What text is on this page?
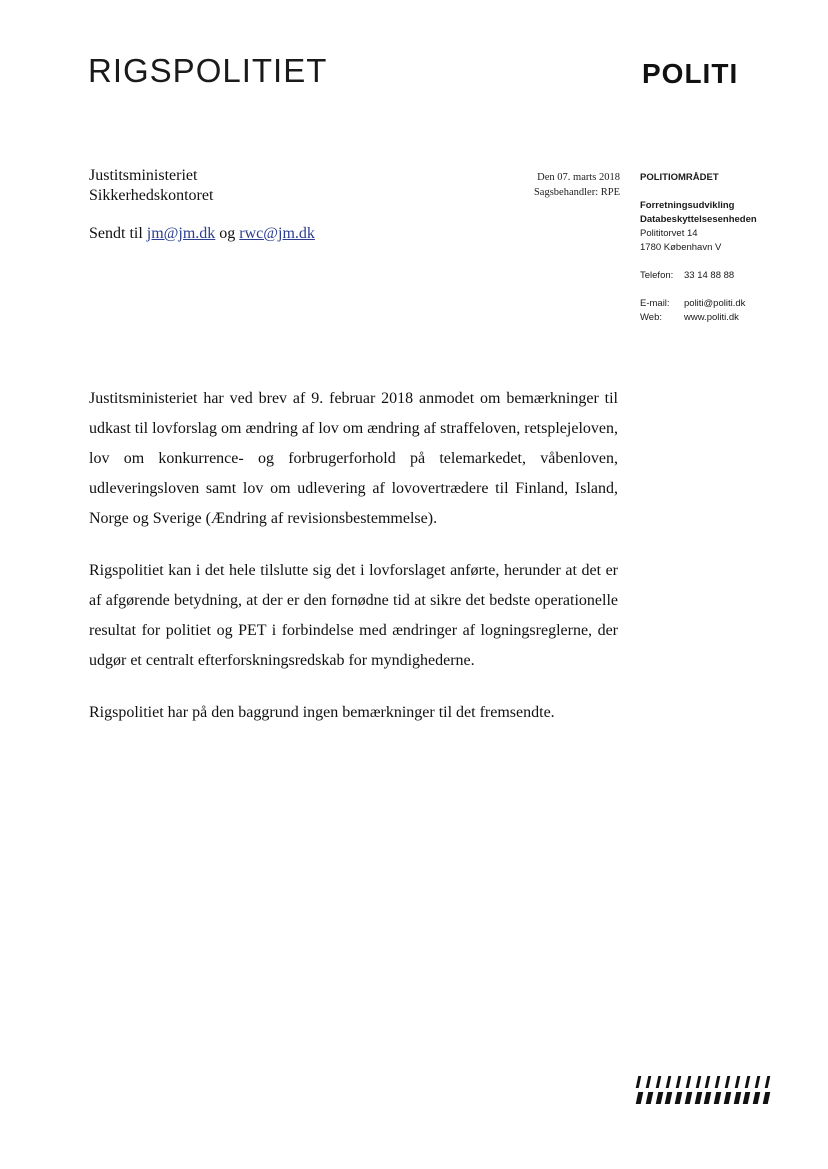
RIGSPOLITIET	POLITI
Justitsministeriet
Sikkerhedskontoret
Sendt til jm@jm.dk og rwc@jm.dk
Den 07. marts 2018
Sagsbehandler: RPE
POLITIOMRÅDET
Forretningsudvikling
Databeskyttelsesenheden
Polititorvet 14
1780 København V
Telefon:	33 14 88 88
E-mail:	politi@politi.dk
Web:	www.politi.dk

Justitsministeriet har ved brev af 9. februar 2018 anmodet om bemærkninger til udkast til lovforslag om ændring af lov om ændring af straffeloven, retsplejeloven, lov om konkurrence- og forbrugerforhold på telemarkedet, våbenloven, udleveringsloven samt lov om udlevering af lovovertrædere til Finland, Island, Norge og Sverige (Ændring af revisionsbestemmelse).

Rigspolitiet kan i det hele tilslutte sig det i lovforslaget anførte, herunder at det er af afgørende betydning, at der er den fornødne tid at sikre det bedste operationelle resultat for politiet og PET i forbindelse med ændringer af logningsreglerne, der udgør et centralt efterforskningsredskab for myndighederne.

Rigspolitiet har på den baggrund ingen bemærkninger til det fremsendte.
